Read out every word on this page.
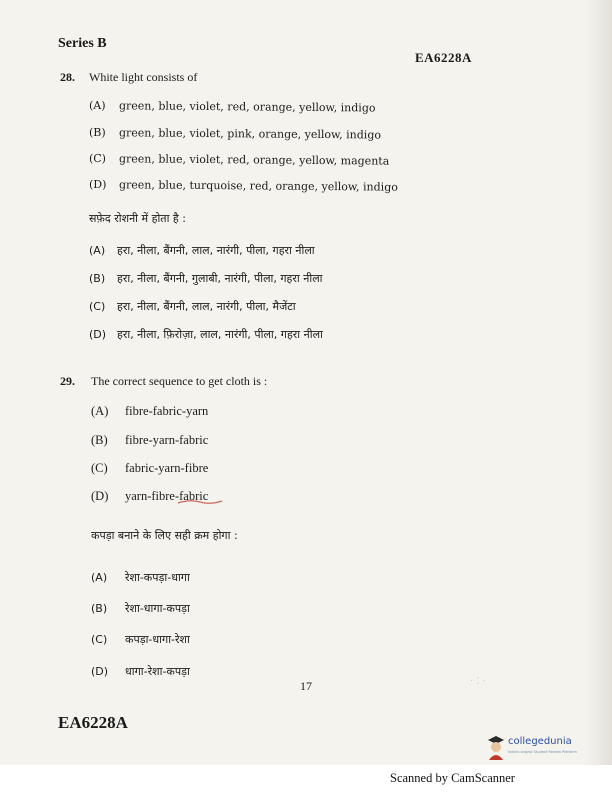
Series B
EA6228A
28. White light consists of
(A) green, blue, violet, red, orange, yellow, indigo
(B) green, blue, violet, pink, orange, yellow, indigo
(C) green, blue, violet, red, orange, yellow, magenta
(D) green, blue, turquoise, red, orange, yellow, indigo
सफ़ेद रोशनी में होता है :
(A) हरा, नीला, बैंगनी, लाल, नारंगी, पीला, गहरा नीला
(B) हरा, नीला, बैंगनी, गुलाबी, नारंगी, पीला, गहरा नीला
(C) हरा, नीला, बैंगनी, लाल, नारंगी, पीला, मैजेंटा
(D) हरा, नीला, फ़िरोज़ा, लाल, नारंगी, पीला, गहरा नीला
29. The correct sequence to get cloth is :
(A) fibre-fabric-yarn
(B) fibre-yarn-fabric
(C) fabric-yarn-fibre
(D) yarn-fibre-fabric
कपड़ा बनाने के लिए सही क्रम होगा :
(A) रेशा-कपड़ा-धागा
(B) रेशा-धागा-कपड़ा
(C) कपड़ा-धागा-रेशा
(D) धागा-रेशा-कपड़ा
17	· ⁚ ·
EA6228A
collegedunia
India's largest Student Review Platform
Scanned by CamScanner
